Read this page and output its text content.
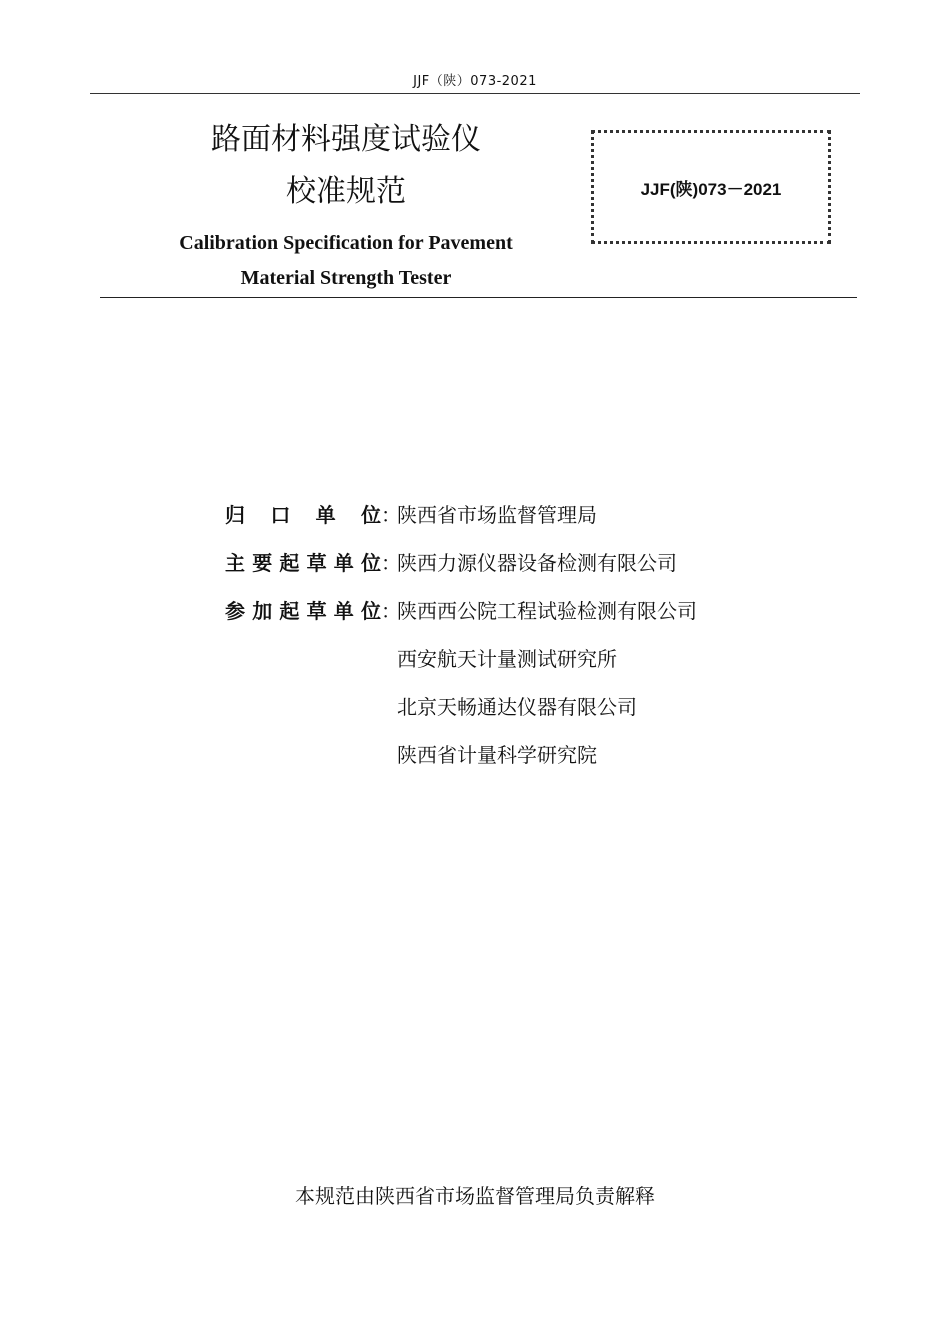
JJF（陕）073-2021
路面材料强度试验仪
校准规范
Calibration Specification for Pavement
Material Strength Tester
JJF(陕)073－2021
归口单位：陕西省市场监督管理局
主要起草单位：陕西力源仪器设备检测有限公司
参加起草单位：陕西西公院工程试验检测有限公司
西安航天计量测试研究所
北京天畅通达仪器有限公司
陕西省计量科学研究院
本规范由陕西省市场监督管理局负责解释
